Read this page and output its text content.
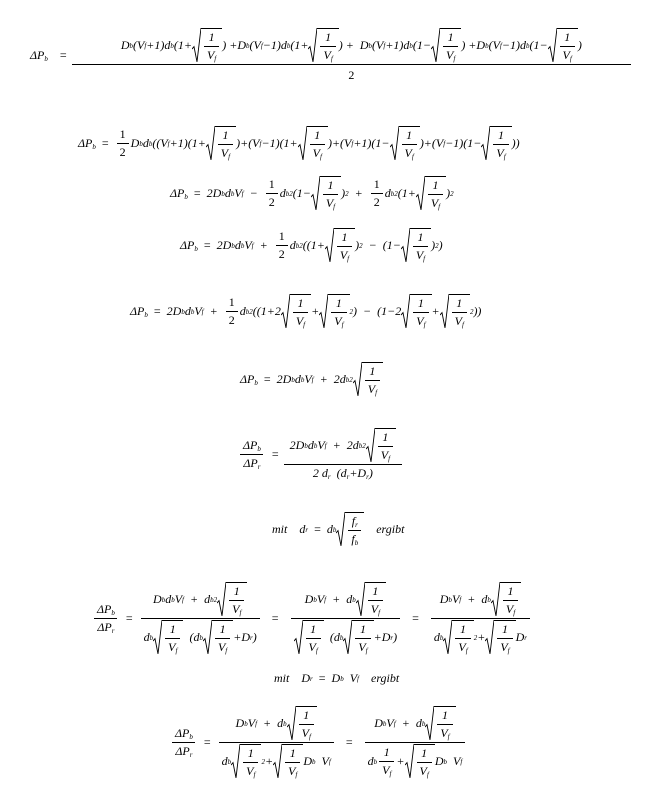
$\Delta P_b$ =
D b (V f +1)d b ($1+ \frac{1}{V_f}$ ) +D b (V f −1)d b ($1+ \frac{1}{V_f}$ ) + D b (V f +1)d b ($1- \frac{1}{V_f}$ ) +D b (V f −1)d b ($1- \frac{1}{V_f}$ )
2
$\Delta P_b = \frac{1}{2}$ D b d b ((V $f +1)(1+ \frac{1}{V_f} )+(V$ $f -1)(1+ \frac{1}{V_f} )+(V$ $f +1)(1- \frac{1}{V_f} )+(V$ $f -1)(1- \frac{1}{V_f}$ ))
$\Delta P_b = 2D$ b d b V $f - \frac{1}{2}$ d b 2 ($1- \frac{1}{V_f}$ ) $2 + \frac{1}{2}$ d b 2 ($1+ \frac{1}{V_f}$ ) 2
$\Delta P_b = 2D$ b d b V $f + \frac{1}{2}$ d b 2 (($1+ \frac{1}{V_f}$ ) $2 - (1- \frac{1}{V_f}$ ) 2 )
$\Delta P_b = 2D$ b d b V $f + \frac{1}{2}$ d b 2 (($1+2 \frac{1}{V_f} + \frac{1}{V_f} 2$ )
− ($1-2 \frac{1}{V_f} + \frac{1}{V_f} 2$ ))
$\Delta P_b = 2D$ b d b V f + 2d b $2 \frac{1}{V_f}$
$\frac{\Delta P_b}{\Delta P_r} = \frac{2D b d b V f + 2d b 2 \frac{1}{V_f}}{2 d_r (d_r+D_r)}$
mit d r = d b $\frac{f_r}{f_b}$ ergibt
$\frac{\Delta P_b}{\Delta P_r} = \frac{D b d b V f + d b 2 \frac{1}{V_f}}{d b \frac{1}{V_f} (d b \frac{1}{V_f} +D r )} = \frac{D b V f + d b \frac{1}{V_f}}{\frac{1}{V_f} (d b \frac{1}{V_f} +D r )} = \frac{D b V f + d b \frac{1}{V_f}}{d b \frac{1}{V_f} 2 + \frac{1}{V_f} D r}$
mit D r = D b V f ergibt
$\frac{\Delta P_b}{\Delta P_r} = \frac{D b V f + d b \frac{1}{V_f}}{d b \frac{1}{V_f} 2 + \frac{1}{V_f} D b V f} = \frac{D b V f + d b \frac{1}{V_f}}{d b \frac{1}{V_f} + \frac{1}{V_f} D b V f}$
